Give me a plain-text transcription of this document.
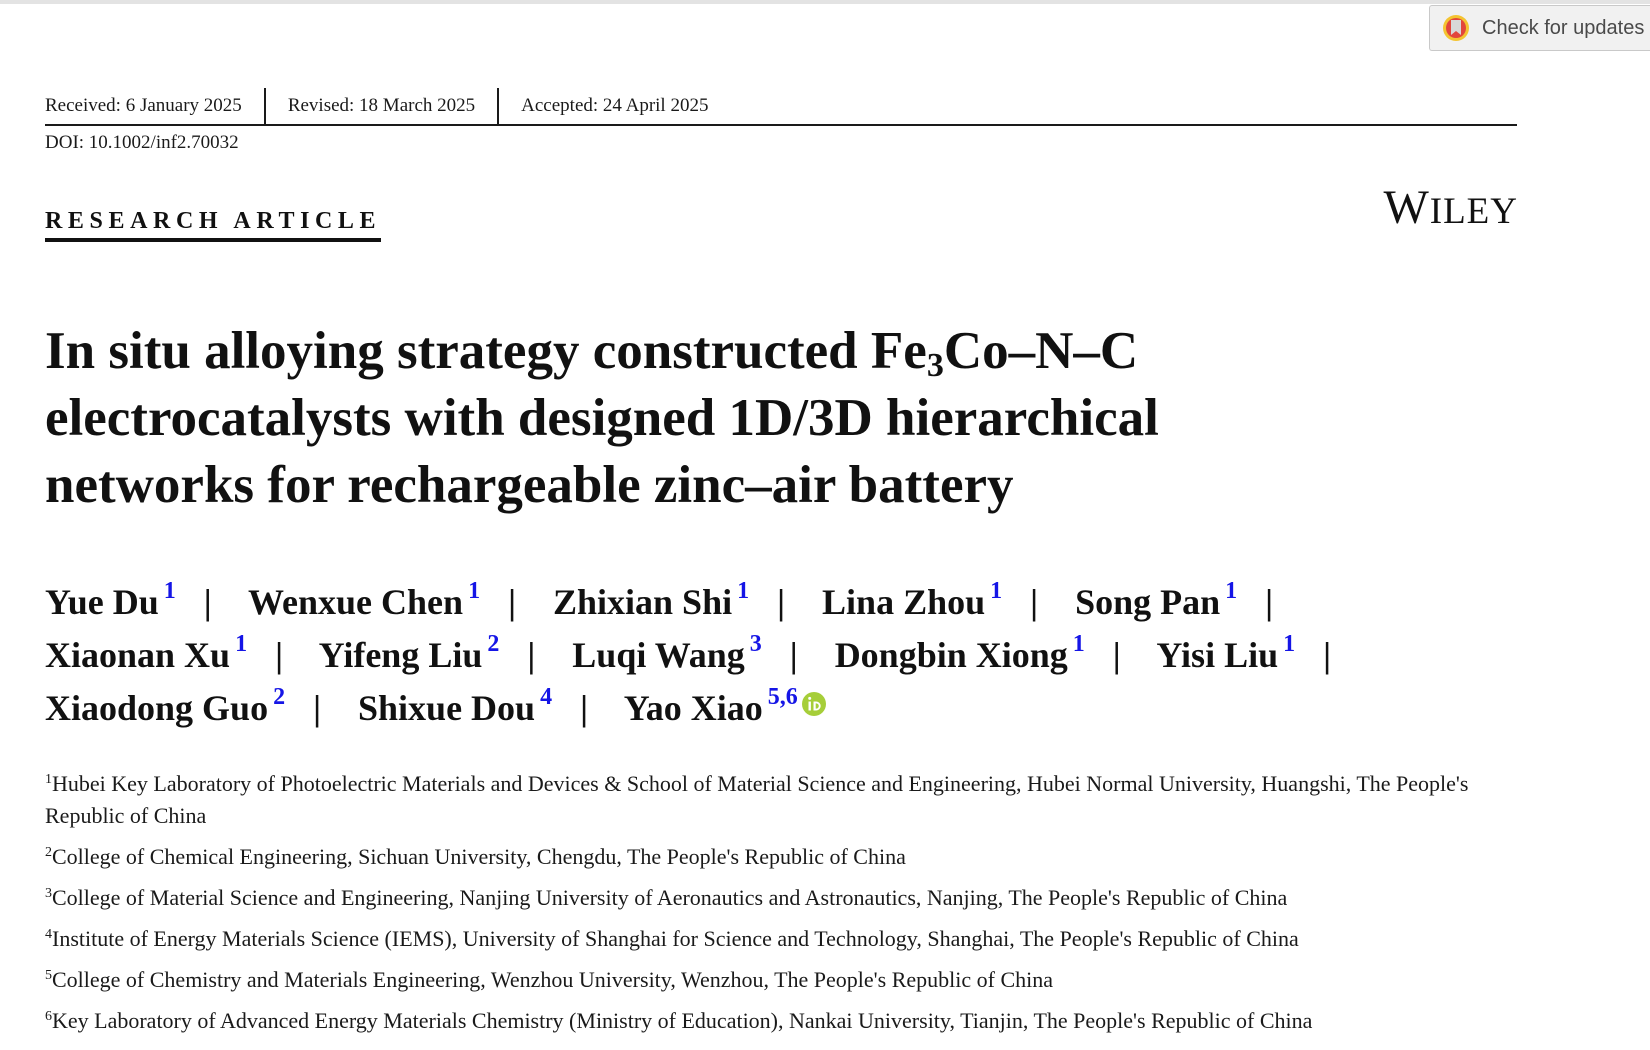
Check for updates
Received: 6 January 2025 Revised: 18 March 2025 Accepted: 24 April 2025
DOI: 10.1002/inf2.70032
RESEARCH ARTICLE	WILEY
In situ alloying strategy constructed $Fe_3Co-N-C$ electrocatalysts with designed 1D/3D hierarchical networks for rechargeable zinc–air battery
Yue Du $^1$ | Wenxue Chen $^1$ | Zhixian Shi $^1$ | Lina Zhou $^1$ | Song Pan $^1$ | Xiaonan Xu $^1$ | Yifeng Liu $^2$ | Luqi Wang $^3$ | Dongbin Xiong $^1$ | Yisi Liu $^1$ | Xiaodong Guo $^2$ | Shixue Dou $^4$ | Yao Xiao $^{5,6}$
$^1$Hubei Key Laboratory of Photoelectric Materials and Devices & School of Material Science and Engineering, Hubei Normal University, Huangshi, The People's Republic of China
$^2$College of Chemical Engineering, Sichuan University, Chengdu, The People's Republic of China
$^3$College of Material Science and Engineering, Nanjing University of Aeronautics and Astronautics, Nanjing, The People's Republic of China
$^4$Institute of Energy Materials Science (IEMS), University of Shanghai for Science and Technology, Shanghai, The People's Republic of China
$^5$College of Chemistry and Materials Engineering, Wenzhou University, Wenzhou, The People's Republic of China
$^6$Key Laboratory of Advanced Energy Materials Chemistry (Ministry of Education), Nankai University, Tianjin, The People's Republic of China
